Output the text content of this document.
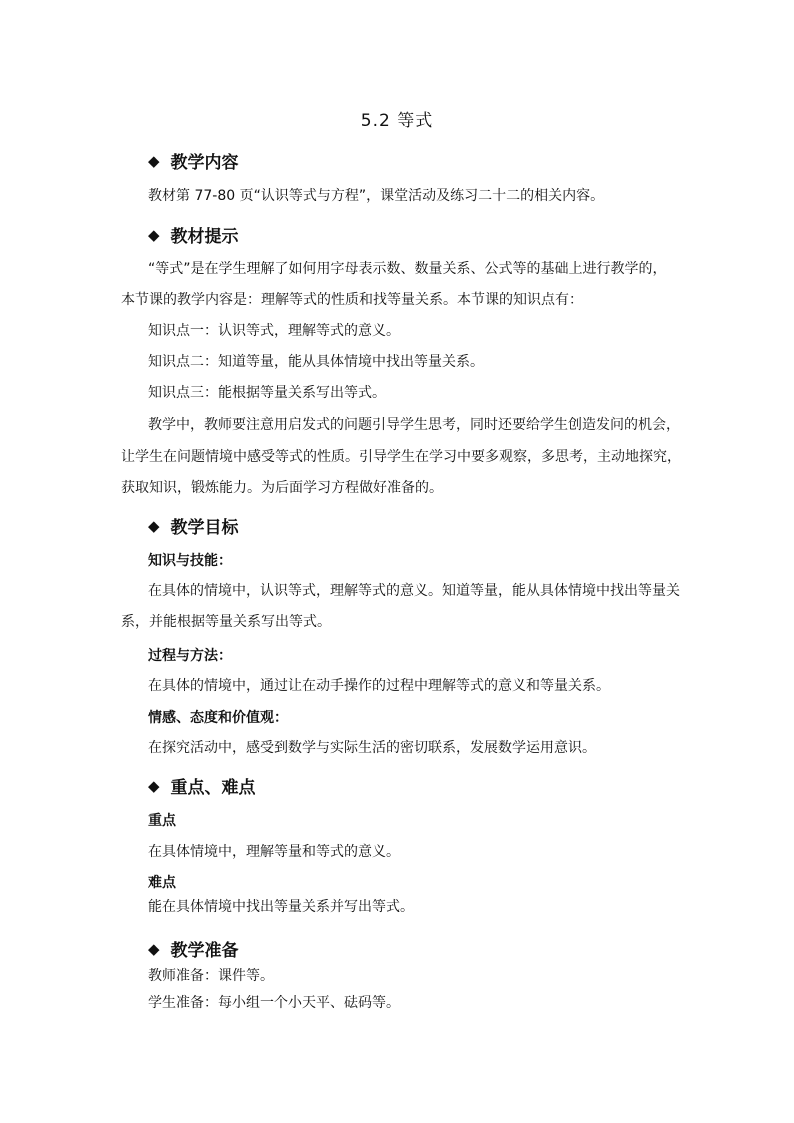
5.2 等式
◆ 教学内容
教材第 77-80 页“认识等式与方程”，课堂活动及练习二十二的相关内容。
◆ 教材提示
“等式”是在学生理解了如何用字母表示数、数量关系、公式等的基础上进行教学的，
本节课的教学内容是：理解等式的性质和找等量关系。本节课的知识点有：
知识点一：认识等式，理解等式的意义。
知识点二：知道等量，能从具体情境中找出等量关系。
知识点三：能根据等量关系写出等式。
教学中，教师要注意用启发式的问题引导学生思考，同时还要给学生创造发问的机会，
让学生在问题情境中感受等式的性质。引导学生在学习中要多观察，多思考，主动地探究，
获取知识，锻炼能力。为后面学习方程做好准备的。
◆ 教学目标
知识与技能：
在具体的情境中，认识等式，理解等式的意义。知道等量，能从具体情境中找出等量关
系，并能根据等量关系写出等式。
过程与方法：
在具体的情境中，通过让在动手操作的过程中理解等式的意义和等量关系。
情感、态度和价值观：
在探究活动中，感受到数学与实际生活的密切联系，发展数学运用意识。
◆ 重点、难点
重点
在具体情境中，理解等量和等式的意义。
难点
能在具体情境中找出等量关系并写出等式。
◆ 教学准备
教师准备：课件等。
学生准备：每小组一个小天平、砝码等。
